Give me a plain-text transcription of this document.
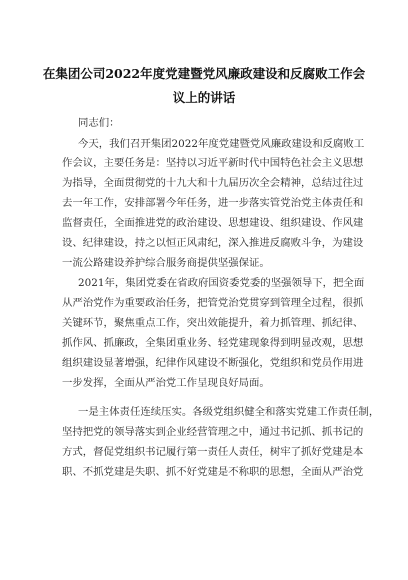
在集团公司2022年度党建暨党风廉政建设和反腐败工作会
议上的讲话

同志们：

今天，我们召开集团2022年度党建暨党风廉政建设和反腐败工

作会议，主要任务是：坚持以习近平新时代中国特色社会主义思想

为指导，全面贯彻党的十九大和十九届历次全会精神，总结过往过

去一年工作，安排部署今年任务，进一步落实管党治党主体责任和

监督责任，全面推进党的政治建设、思想建设、组织建设、作风建

设、纪律建设，持之以恒正风肃纪，深入推进反腐败斗争，为建设

一流公路建设养护综合服务商提供坚强保证。

2021年，集团党委在省政府国资委党委的坚强领导下，把全面

从严治党作为重要政治任务，把管党治党贯穿到管理全过程，很抓

关键环节，聚焦重点工作，突出效能提升，着力抓管理、抓纪律、

抓作风、抓廉政，全集团重业务、轻党建现象得到明显改观，思想

组织建设显著增强，纪律作风建设不断强化，党组织和党员作用进

一步发挥，全面从严治党工作呈现良好局面。

一是主体责任连续压实。各级党组织健全和落实党建工作责任制，

坚持把党的领导落实到企业经营管理之中，通过书记抓、抓书记的

方式，督促党组织书记履行第一责任人责任，树牢了抓好党建是本

职、不抓党建是失职、抓不好党建是不称职的思想，全面从严治党
